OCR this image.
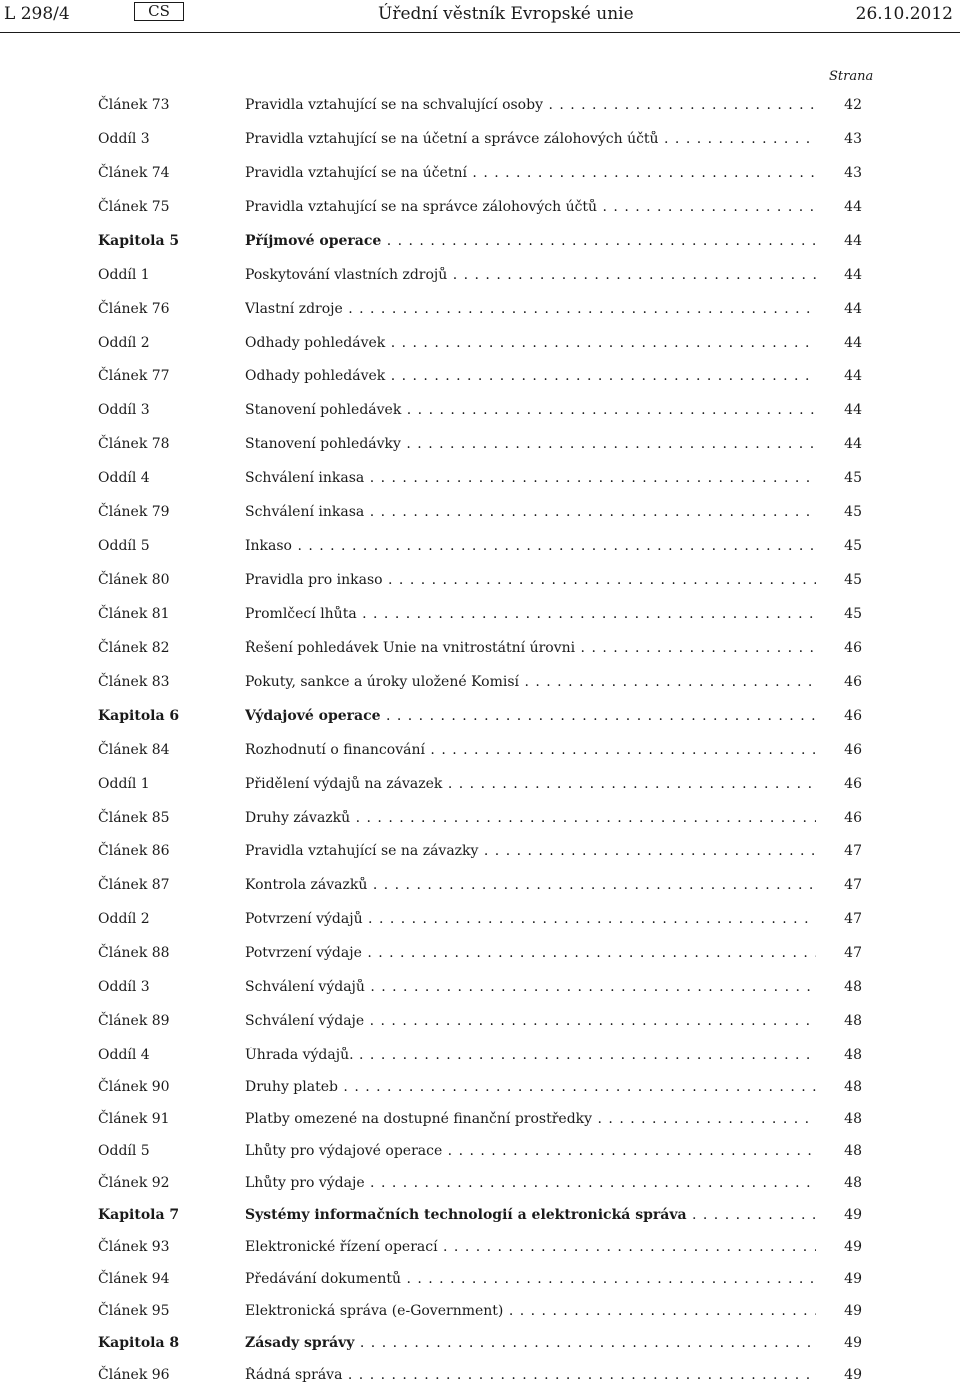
L 298/4	CS	Úřední věstník Evropské unie	26.10.2012
Strana
Článek 73	Pravidla vztahující se na schvalující osoby . . .	42
Oddíl 3	Pravidla vztahující se na účetní a správce zálohových účtů . . .	43
Článek 74	Pravidla vztahující se na účetní . . .	43
Článek 75	Pravidla vztahující se na správce zálohových účtů . . .	44
Kapitola 5	Příjmové operace . . .	44
Oddíl 1	Poskytování vlastních zdrojů . . .	44
Článek 76	Vlastní zdroje . . .	44
Oddíl 2	Odhady pohledávek . . .	44
Článek 77	Odhady pohledávek . . .	44
Oddíl 3	Stanovení pohledávek . . .	44
Článek 78	Stanovení pohledávky . . .	44
Oddíl 4	Schválení inkasa . . .	45
Článek 79	Schválení inkasa . . .	45
Oddíl 5	Inkaso . . .	45
Článek 80	Pravidla pro inkaso . . .	45
Článek 81	Promlčecí lhůta . . .	45
Článek 82	Řešení pohledávek Unie na vnitrostátní úrovni . . .	46
Článek 83	Pokuty, sankce a úroky uložené Komisí . . .	46
Kapitola 6	Výdajové operace . . .	46
Článek 84	Rozhodnutí o financování . . .	46
Oddíl 1	Přidělení výdajů na závazek . . .	46
Článek 85	Druhy závazků . . .	46
Článek 86	Pravidla vztahující se na závazky . . .	47
Článek 87	Kontrola závazků . . .	47
Oddíl 2	Potvrzení výdajů . . .	47
Článek 88	Potvrzení výdaje . . .	47
Oddíl 3	Schválení výdajů . . .	48
Článek 89	Schválení výdaje . . .	48
Oddíl 4	Úhrada výdajů. . . .	48
Článek 90	Druhy plateb . . .	48
Článek 91	Platby omezené na dostupné finanční prostředky . . .	48
Oddíl 5	Lhůty pro výdajové operace . . .	48
Článek 92	Lhůty pro výdaje . . .	48
Kapitola 7	Systémy informačních technologií a elektronická správa . . .	49
Článek 93	Elektronické řízení operací . . .	49
Článek 94	Předávání dokumentů . . .	49
Článek 95	Elektronická správa (e-Government) . . .	49
Kapitola 8	Zásady správy . . .	49
Článek 96	Řádná správa . . .	49
